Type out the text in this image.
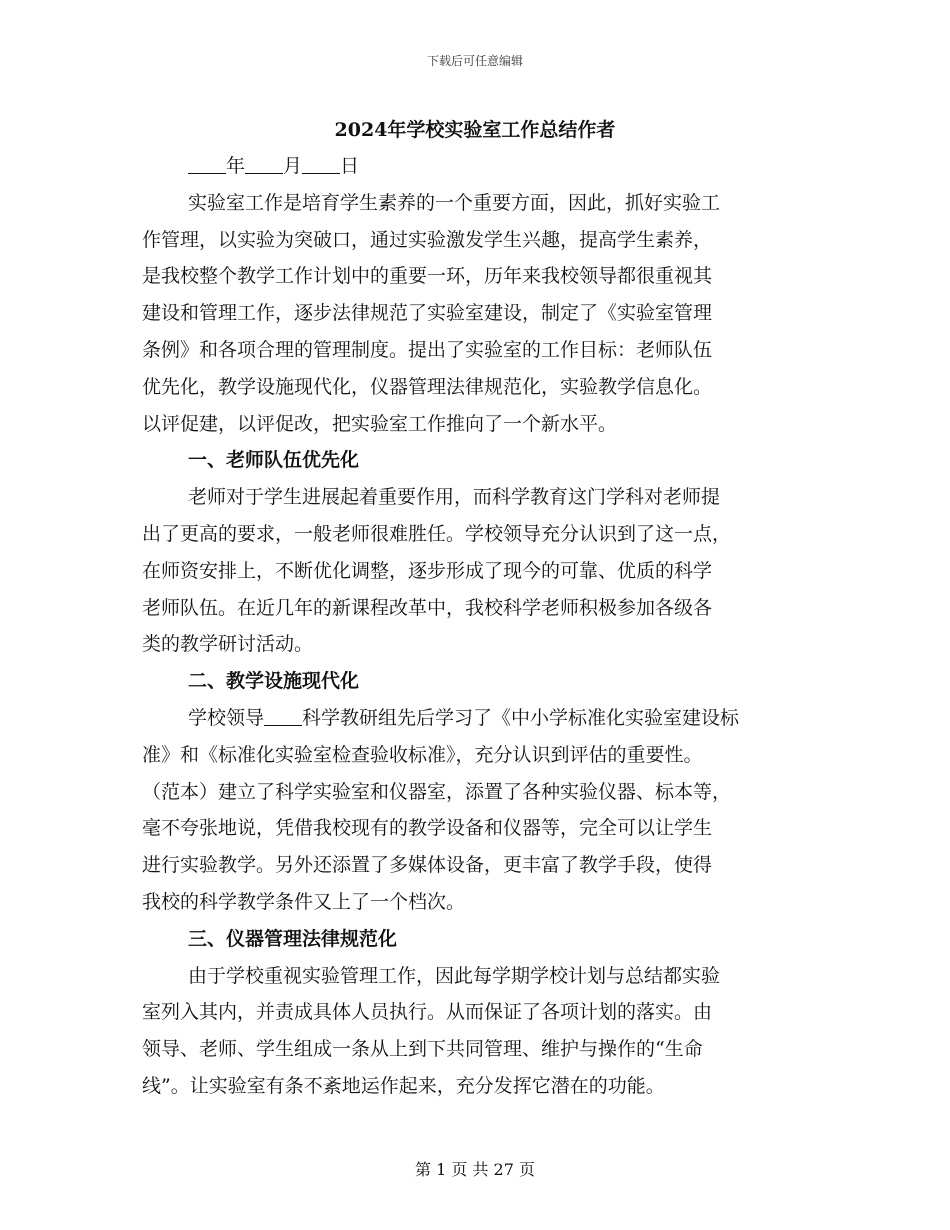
下载后可任意编辑
2024年学校实验室工作总结作者
年 月 日
实验室工作是培育学生素养的一个重要方面，因此，抓好实验工
作管理，以实验为突破口，通过实验激发学生兴趣，提高学生素养，
是我校整个教学工作计划中的重要一环，历年来我校领导都很重视其
建设和管理工作，逐步法律规范了实验室建设，制定了《实验室管理
条例》和各项合理的管理制度。提出了实验室的工作目标：老师队伍
优先化，教学设施现代化，仪器管理法律规范化，实验教学信息化。
以评促建，以评促改，把实验室工作推向了一个新水平。
一、老师队伍优先化
老师对于学生进展起着重要作用，而科学教育这门学科对老师提
出了更高的要求，一般老师很难胜任。学校领导充分认识到了这一点，
在师资安排上，不断优化调整，逐步形成了现今的可靠、优质的科学
老师队伍。在近几年的新课程改革中，我校科学老师积极参加各级各
类的教学研讨活动。
二、教学设施现代化
学校领导 科学教研组先后学习了《中小学标准化实验室建设标
准》和《标准化实验室检查验收标准》，充分认识到评估的重要性。
（范本）建立了科学实验室和仪器室，添置了各种实验仪器、标本等，
毫不夸张地说，凭借我校现有的教学设备和仪器等，完全可以让学生
进行实验教学。另外还添置了多媒体设备，更丰富了教学手段，使得
我校的科学教学条件又上了一个档次。
三、仪器管理法律规范化
由于学校重视实验管理工作，因此每学期学校计划与总结都实验
室列入其内，并责成具体人员执行。从而保证了各项计划的落实。由
领导、老师、学生组成一条从上到下共同管理、维护与操作的“生命
线”。让实验室有条不紊地运作起来，充分发挥它潜在的功能。
第 1 页 共 27 页
